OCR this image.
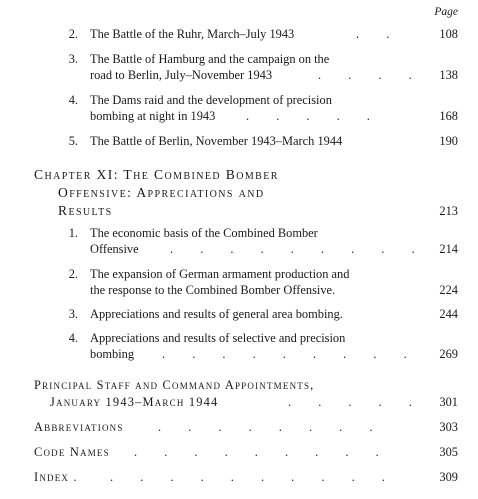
Page
2. The Battle of the Ruhr, March–July 1943	. .	108
3. The Battle of Hamburg and the campaign on the
road to Berlin, July–November 1943	. . . .	138
4. The Dams raid and the development of precision
bombing at night in 1943 . . . . .	168
5. The Battle of Berlin, November 1943–March 1944	190
Chapter XI: The Combined Bomber
Offensive: Appreciations and
Results	213
1. The economic basis of the Combined Bomber
Offensive	. . . . . . . . .	214
2. The expansion of German armament production and
the response to the Combined Bomber Offensive.	224
3. Appreciations and results of general area bombing.	244
4. Appreciations and results of selective and precision
bombing . . . . . . . . .	269
Principal Staff and Command Appointments,
January 1943–March 1944	. . . . .	301
Abbreviations	. . . . . . . .	303
Code Names . . . . . . . . .	305
Index .	. . . . . . . . . .	309
